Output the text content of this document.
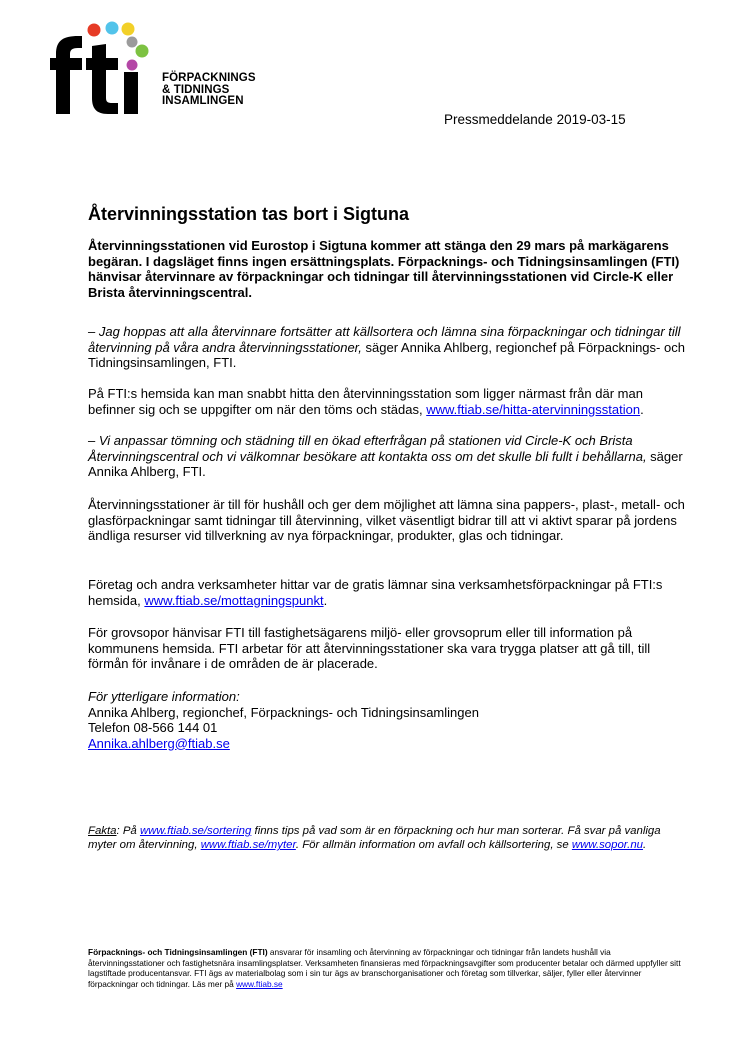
FÖRPACKNINGS
& TIDNINGS
INSAMLINGEN
Pressmeddelande 2019-03-15
Återvinningsstation tas bort i Sigtuna

Återvinningsstationen vid Eurostop i Sigtuna kommer att stänga den 29 mars på markägarens begäran. I dagsläget finns ingen ersättningsplats. Förpacknings- och Tidningsinsamlingen (FTI) hänvisar återvinnare av förpackningar och tidningar till återvinningsstationen vid Circle-K eller Brista återvinningscentral.

– Jag hoppas att alla återvinnare fortsätter att källsortera och lämna sina förpackningar och tidningar till återvinning på våra andra återvinningsstationer, säger Annika Ahlberg, regionchef på Förpacknings- och Tidningsinsamlingen, FTI.

På FTI:s hemsida kan man snabbt hitta den återvinningsstation som ligger närmast från där man befinner sig och se uppgifter om när den töms och städas, www.ftiab.se/hitta-atervinningsstation.

– Vi anpassar tömning och städning till en ökad efterfrågan på stationen vid Circle-K och Brista Återvinningscentral och vi välkomnar besökare att kontakta oss om det skulle bli fullt i behållarna, säger Annika Ahlberg, FTI.

Återvinningsstationer är till för hushåll och ger dem möjlighet att lämna sina pappers-, plast-, metall- och glasförpackningar samt tidningar till återvinning, vilket väsentligt bidrar till att vi aktivt sparar på jordens ändliga resurser vid tillverkning av nya förpackningar, produkter, glas och tidningar.

Företag och andra verksamheter hittar var de gratis lämnar sina verksamhetsförpackningar på FTI:s hemsida, www.ftiab.se/mottagningspunkt.

För grovsopor hänvisar FTI till fastighetsägarens miljö- eller grovsoprum eller till information på kommunens hemsida. FTI arbetar för att återvinningsstationer ska vara trygga platser att gå till, till förmån för invånare i de områden de är placerade.

För ytterligare information:
Annika Ahlberg, regionchef, Förpacknings- och Tidningsinsamlingen
Telefon 08-566 144 01
Annika.ahlberg@ftiab.se
Fakta: På www.ftiab.se/sortering finns tips på vad som är en förpackning och hur man sorterar. Få svar på vanliga myter om återvinning, www.ftiab.se/myter. För allmän information om avfall och källsortering, se www.sopor.nu.
Förpacknings- och Tidningsinsamlingen (FTI) ansvarar för insamling och återvinning av förpackningar och tidningar från landets hushåll via återvinningsstationer och fastighetsnära insamlingsplatser. Verksamheten finansieras med förpackningsavgifter som producenter betalar och därmed uppfyller sitt lagstiftade producentansvar. FTI ägs av materialbolag som i sin tur ägs av branschorganisationer och företag som tillverkar, säljer, fyller eller återvinner förpackningar och tidningar. Läs mer på www.ftiab.se
